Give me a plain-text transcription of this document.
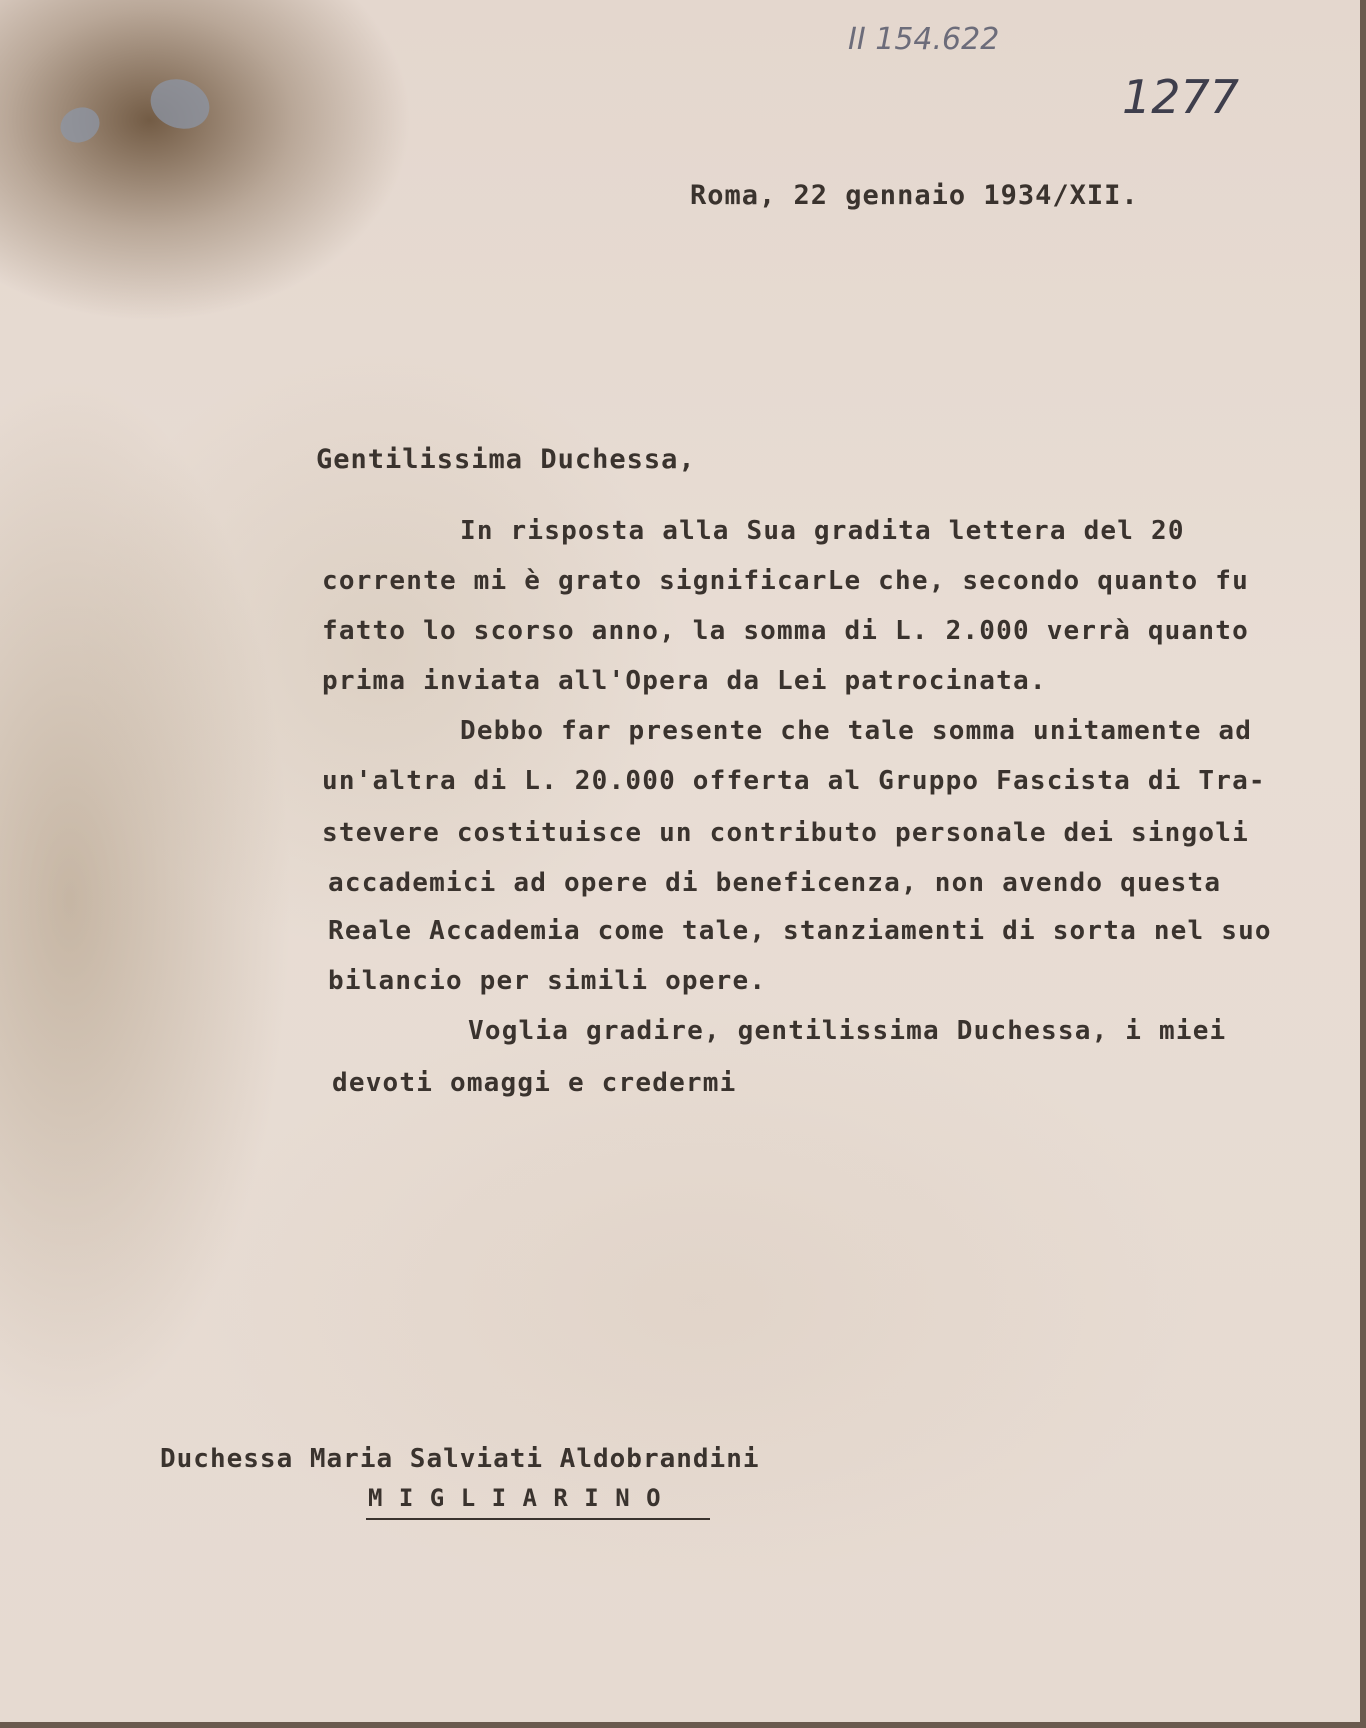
II 154.622
1277
Roma, 22 gennaio 1934/XII.
Gentilissima Duchessa,
In risposta alla Sua gradita lettera del 20
corrente mi è grato significarLe che, secondo quanto fu
fatto lo scorso anno, la somma di L. 2.000 verrà quanto
prima inviata all'Opera da Lei patrocinata.
Debbo far presente che tale somma unitamente ad
un'altra di L. 20.000 offerta al Gruppo Fascista di Tra-
stevere costituisce un contributo personale dei singoli
accademici ad opere di beneficenza, non avendo questa
Reale Accademia come tale, stanziamenti di sorta nel suo
bilancio per simili opere.
Voglia gradire, gentilissima Duchessa, i miei
devoti omaggi e credermi
Duchessa Maria Salviati Aldobrandini
M I G L I A R I N O
